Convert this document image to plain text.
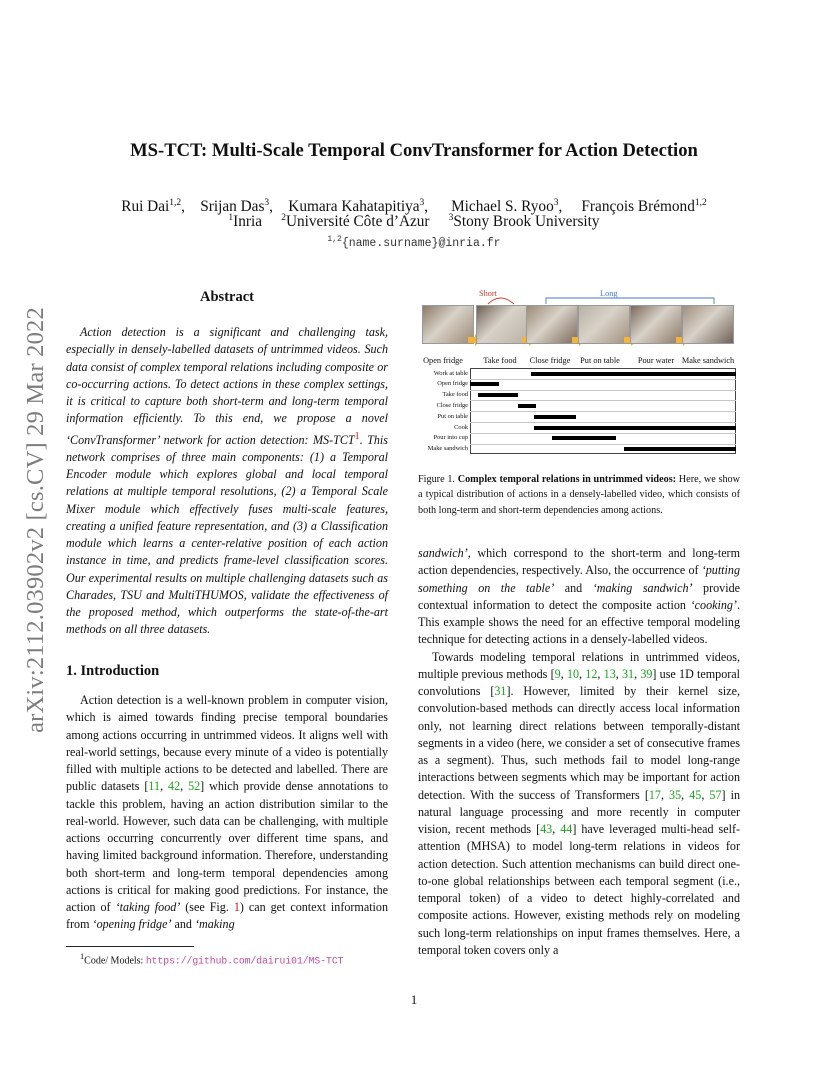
arXiv:2112.03902v2 [cs.CV] 29 Mar 2022
MS-TCT: Multi-Scale Temporal ConvTransformer for Action Detection
Rui Dai$^{1,2}$,    Srijan Das$^3$,    Kumara Kahatapitiya$^3$,      Michael S. Ryoo$^3$,     François Brémond$^{1,2}$
$^1$Inria $^2$Université Côte d’Azur $^3$Stony Brook University
$^{1,2}${name.surname}@inria.fr
Abstract

Action detection is a significant and challenging task, especially in densely-labelled datasets of untrimmed videos. Such data consist of complex temporal relations including composite or co-occurring actions. To detect actions in these complex settings, it is critical to capture both short-term and long-term temporal information efficiently. To this end, we propose a novel ‘ConvTransformer’ network for action detection: MS-TCT$^1$. This network comprises of three main components: (1) a Temporal Encoder module which explores global and local temporal relations at multiple temporal resolutions, (2) a Temporal Scale Mixer module which effectively fuses multi-scale features, creating a unified feature representation, and (3) a Classification module which learns a center-relative position of each action instance in time, and predicts frame-level classification scores. Our experimental results on multiple challenging datasets such as Charades, TSU and MultiTHUMOS, validate the effectiveness of the proposed method, which outperforms the state-of-the-art methods on all three datasets.

1. Introduction

Action detection is a well-known problem in computer vision, which is aimed towards finding precise temporal boundaries among actions occurring in untrimmed videos. It aligns well with real-world settings, because every minute of a video is potentially filled with multiple actions to be detected and labelled. There are public datasets [11, 42, 52] which provide dense annotations to tackle this problem, having an action distribution similar to the real-world. However, such data can be challenging, with multiple actions occurring concurrently over different time spans, and having limited background information. Therefore, understanding both short-term and long-term temporal dependencies among actions is critical for making good predictions. For instance, the action of ‘taking food’ (see Fig. 1) can get context information from ‘opening fridge’ and ‘making

$^1$Code/ Models: https://github.com/dairui01/MS-TCT
Short	Long
Open fridge Take food Close fridge Put on table Pour water Make sandwich
Work at table
Open fridge
Take food
Close fridge
Put on table
Cook
Pour into cup
Make sandwich

Figure 1. Complex temporal relations in untrimmed videos: Here, we show a typical distribution of actions in a densely-labelled video, which consists of both long-term and short-term dependencies among actions.

sandwich’, which correspond to the short-term and long-term action dependencies, respectively. Also, the occurrence of ‘putting something on the table’ and ‘making sandwich’ provide contextual information to detect the composite action ‘cooking’. This example shows the need for an effective temporal modeling technique for detecting actions in a densely-labelled videos.

Towards modeling temporal relations in untrimmed videos, multiple previous methods [9, 10, 12, 13, 31, 39] use 1D temporal convolutions [31]. However, limited by their kernel size, convolution-based methods can directly access local information only, not learning direct relations between temporally-distant segments in a video (here, we consider a set of consecutive frames as a segment). Thus, such methods fail to model long-range interactions between segments which may be important for action detection. With the success of Transformers [17, 35, 45, 57] in natural language processing and more recently in computer vision, recent methods [43, 44] have leveraged multi-head self-attention (MHSA) to model long-term relations in videos for action detection. Such attention mechanisms can build direct one-to-one global relationships between each temporal segment (i.e., temporal token) of a video to detect highly-correlated and composite actions. However, existing methods rely on modeling such long-term relationships on input frames themselves. Here, a temporal token covers only a

1
